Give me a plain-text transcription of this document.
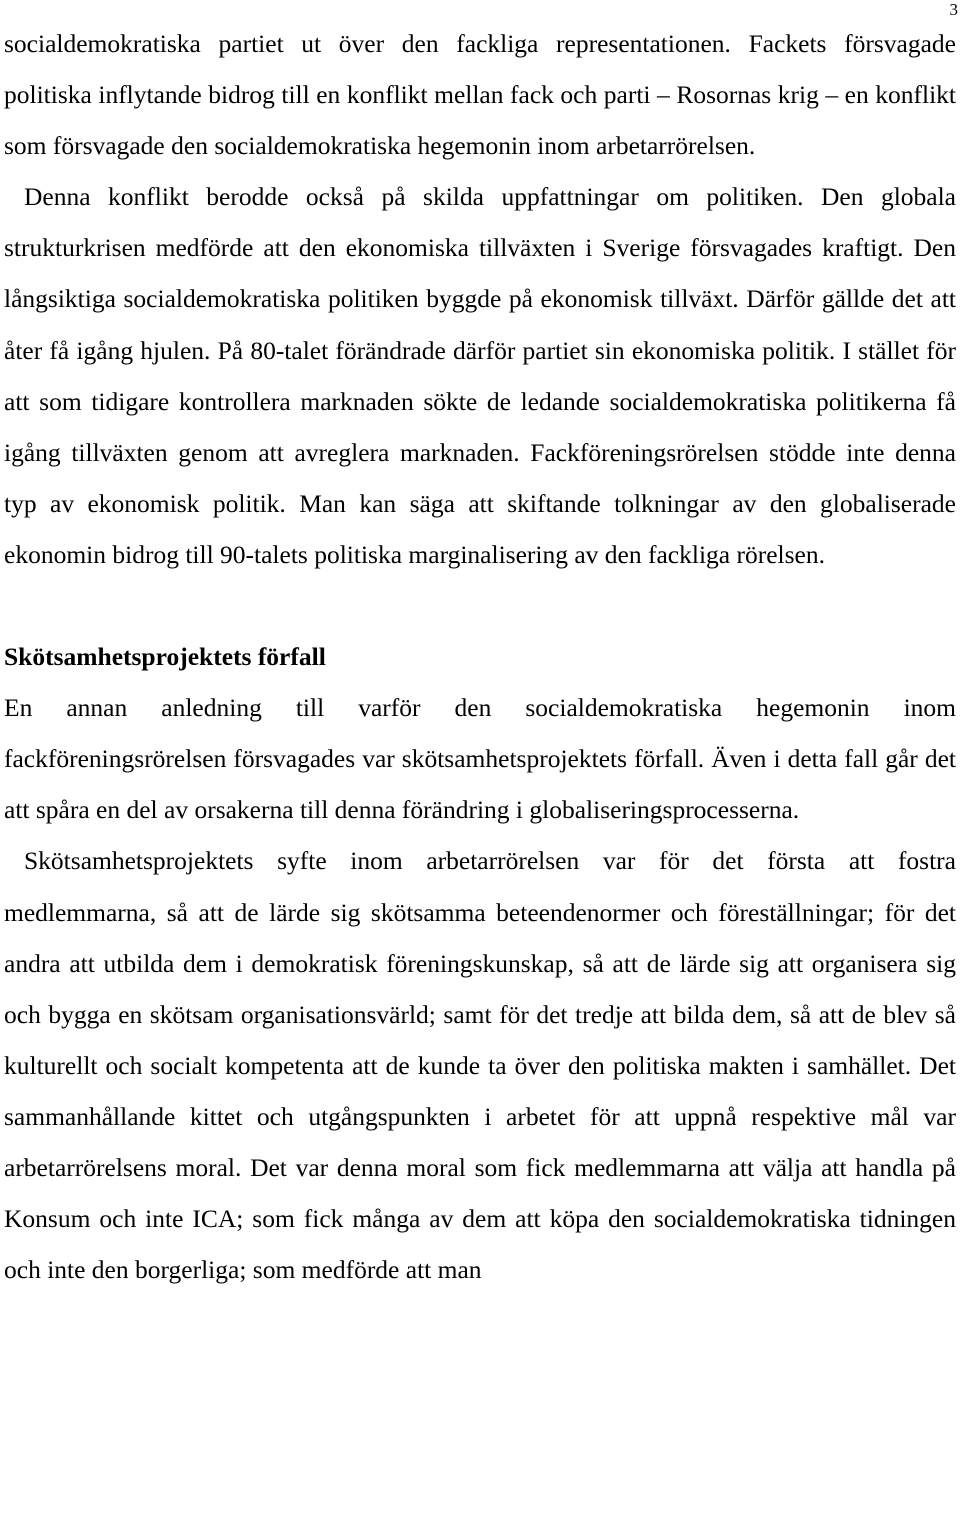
3

socialdemokratiska partiet ut över den fackliga representationen. Fackets försvagade politiska inflytande bidrog till en konflikt mellan fack och parti – Rosornas krig – en konflikt som försvagade den socialdemokratiska hegemonin inom arbetarrörelsen.

Denna konflikt berodde också på skilda uppfattningar om politiken. Den globala strukturkrisen medförde att den ekonomiska tillväxten i Sverige försvagades kraftigt. Den långsiktiga socialdemokratiska politiken byggde på ekonomisk tillväxt. Därför gällde det att åter få igång hjulen. På 80-talet förändrade därför partiet sin ekonomiska politik. I stället för att som tidigare kontrollera marknaden sökte de ledande socialdemokratiska politikerna få igång tillväxten genom att avreglera marknaden. Fackföreningsrörelsen stödde inte denna typ av ekonomisk politik. Man kan säga att skiftande tolkningar av den globaliserade ekonomin bidrog till 90-talets politiska marginalisering av den fackliga rörelsen.

Skötsamhetsprojektets förfall

En annan anledning till varför den socialdemokratiska hegemonin inom fackföreningsrörelsen försvagades var skötsamhetsprojektets förfall. Även i detta fall går det att spåra en del av orsakerna till denna förändring i globaliseringsprocesserna.

Skötsamhetsprojektets syfte inom arbetarrörelsen var för det första att fostra medlemmarna, så att de lärde sig skötsamma beteendenormer och föreställningar; för det andra att utbilda dem i demokratisk föreningskunskap, så att de lärde sig att organisera sig och bygga en skötsam organisationsvärld; samt för det tredje att bilda dem, så att de blev så kulturellt och socialt kompetenta att de kunde ta över den politiska makten i samhället. Det sammanhållande kittet och utgångspunkten i arbetet för att uppnå respektive mål var arbetarrörelsens moral. Det var denna moral som fick medlemmarna att välja att handla på Konsum och inte ICA; som fick många av dem att köpa den socialdemokratiska tidningen och inte den borgerliga; som medförde att man
